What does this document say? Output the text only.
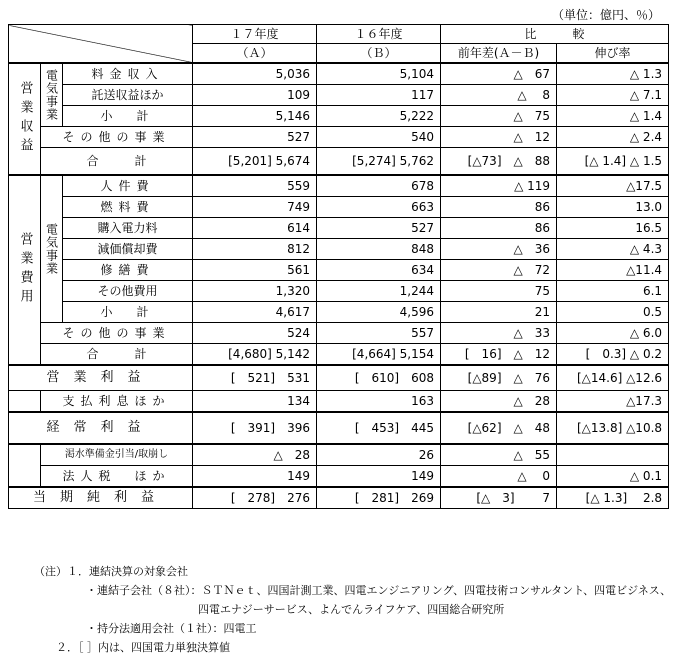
（単位：億円、％）
			１７年度	１６年度	比　　　較	
			（Ａ）	（Ｂ）	前年差(Ａ－Ｂ)	伸び率
営業収益	電気事業	料金収入	5,036	5,104	△　67	△ 1.3
		託送収益ほか	109	117	△　 8	△ 7.1
		小　計	5,146	5,222	△　75	△ 1.4
	その他の事業		527	540	△　12	△ 2.4
	合　　　計		[5,201] 5,674	[5,274] 5,762	[△73]　△　88	[△ 1.4] △ 1.5
営業費用	電気事業	人件費	559	678	△ 119	△17.5
		燃料費	749	663	86	13.0
		購入電力料	614	527	86	16.5
		減価償却費	812	848	△　36	△ 4.3
		修繕費	561	634	△　72	△11.4
		その他費用	1,320	1,244	75	6.1
		小　計	4,617	4,596	21	0.5
	その他の事業		524	557	△　33	△ 6.0
	合　　　計		[4,680] 5,142	[4,664] 5,154	[　16]　△　12	[　0.3] △ 0.2
営業利益			[　521]　531	[　610]　608	[△89]　△　76	[△14.6] △12.6
	支払利息ほか		134	163	△　28	△17.3
経常利益			[　391]　396	[　453]　445	[△62]　△　48	[△13.8] △10.8
	渇水準備金引当/取崩し		△　28	26	△　55	
	法人税　ほか		149	149	△　 0	△ 0.1
当期純利益			[　278]　276	[　281]　269	[△　3]　　 7	[△ 1.3]　 2.8
（注）１．連結決算の対象会社
・連結子会社（８社）：ＳＴＮｅｔ、四国計測工業、四電エンジニアリング、四電技術コンサルタント、四電ビジネス、
四電エナジーサービス、よんでんライフケア、四国総合研究所
・持分法適用会社（１社）：四電工
２．［ ］内は、四国電力単独決算値
